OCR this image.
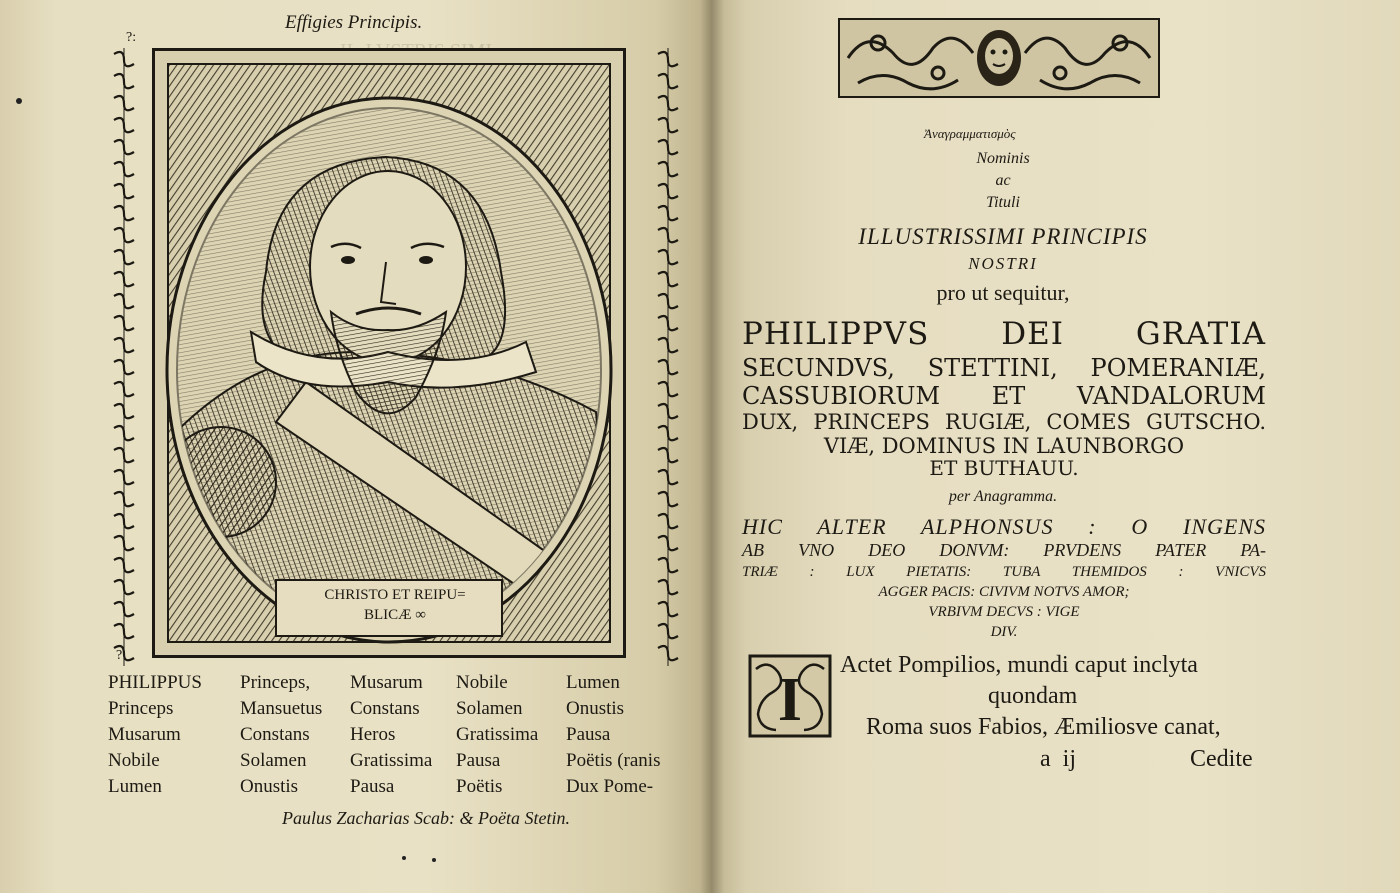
Effigies Principis.
CHRISTO ET REIPU=
BLICÆ ∞
?:
?:
PHILIPPUS	Princeps,	Musarum	Nobile	Lumen
Princeps	Mansuetus	Constans	Solamen	Onustis
Musarum	Constans	Heros	Gratissima	Pausa
Nobile	Solamen	Gratissima	Pausa	Poëtis (ranis
Lumen	Onustis	Pausa	Poëtis	Dux Pome-
Paulus Zacharias Scab: & Poëta Stetin.

Ἀναγραμματισμὸς
Nominis
ac
Tituli
ILLUSTRISSIMI PRINCIPIS
NOSTRI
pro ut sequitur,
PHILIPPVS DEI GRATIA
SECUNDVS, STETTINI, POMERANIÆ,
CASSUBIORUM ET VANDALORUM
DUX, PRINCEPS RUGIÆ, COMES GUTSCHO.
VIÆ, DOMINUS IN LAUNBORGO
ET BUTHAUU.
per Anagramma.
HIC ALTER ALPHONSUS : O INGENS
AB VNO DEO DONVM: PRVDENS PATER PA-
TRIÆ : LUX PIETATIS: TUBA THEMIDOS : VNICVS
AGGER PACIS: CIVIVM NOTVS AMOR;
VRBIVM DECVS : VIGE
DIV.
I
Actet Pompilios, mundi caput inclyta
quondam
Roma suos Fabios, Æmiliosve canat,
a  ij	Cedite
